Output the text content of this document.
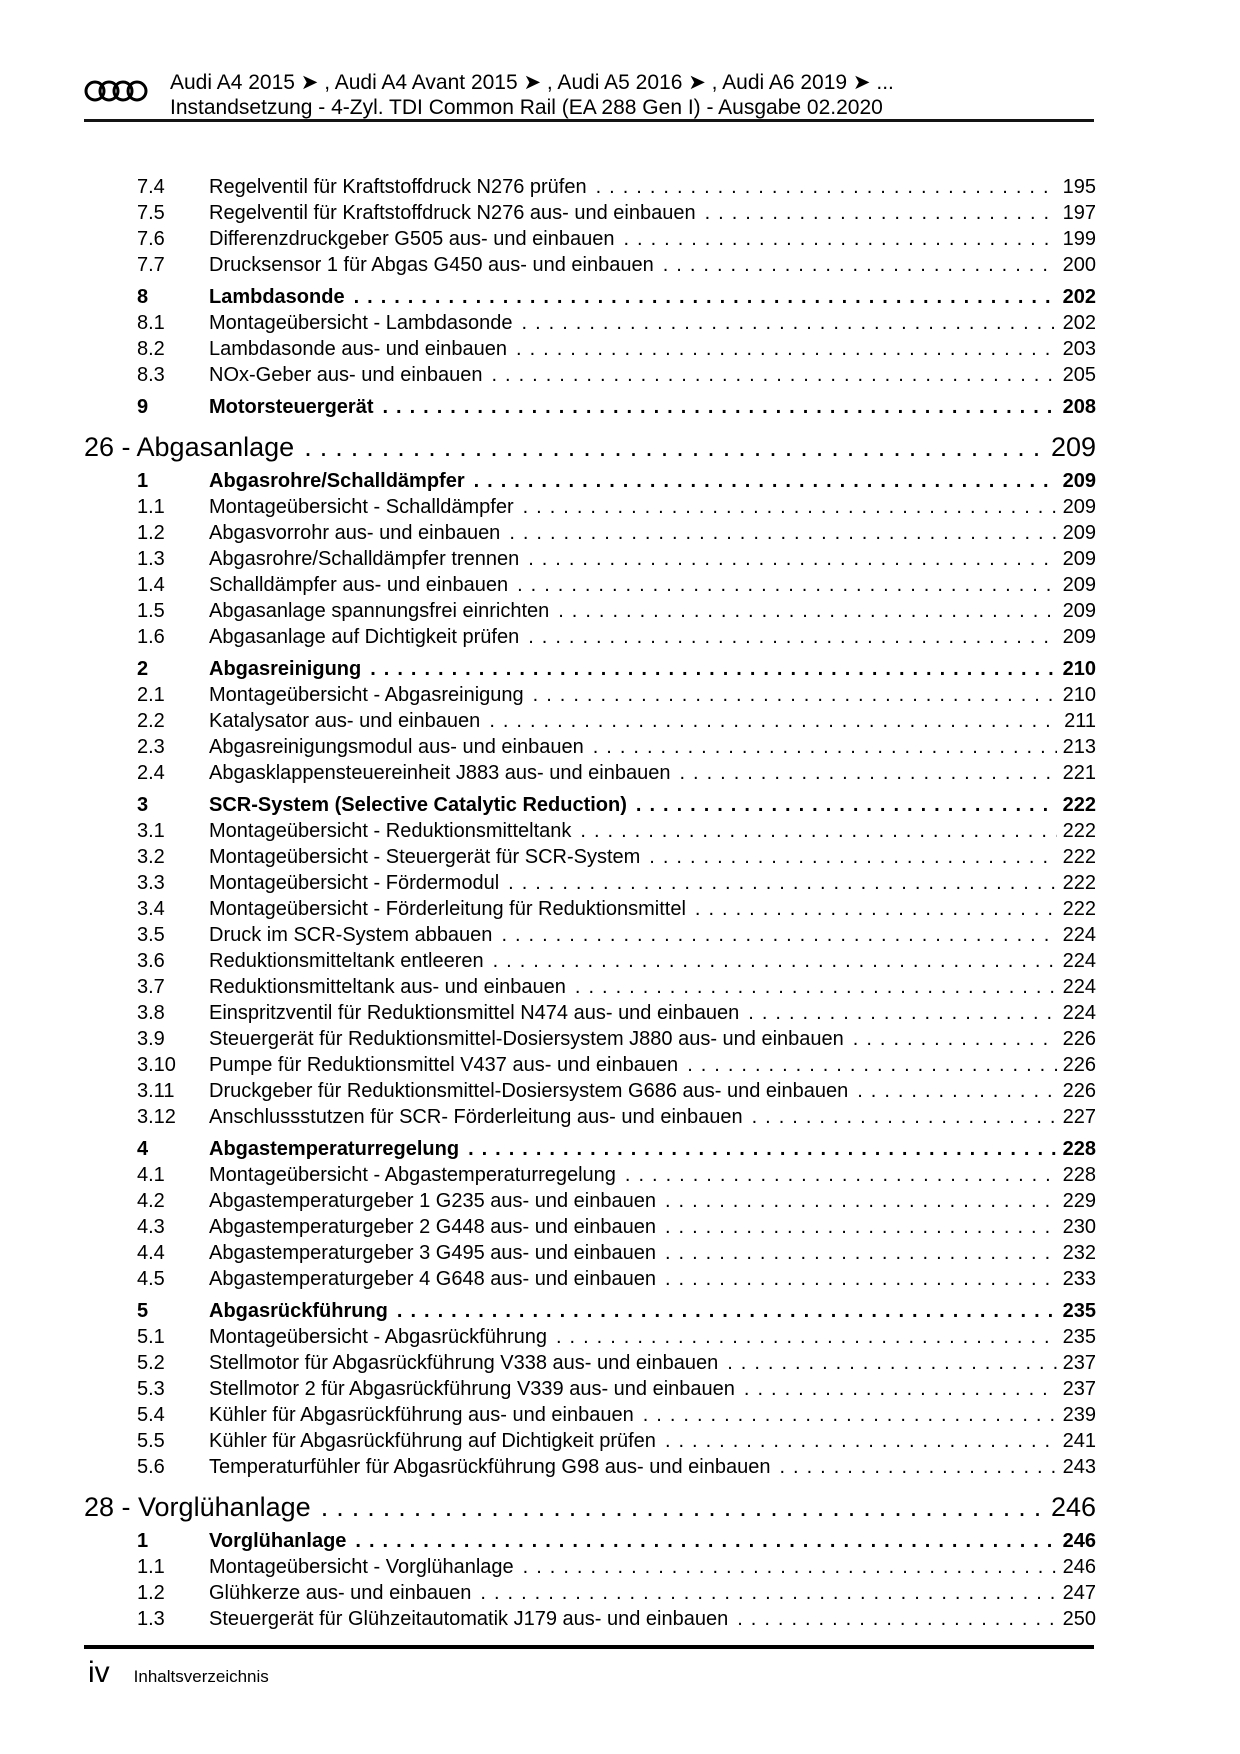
Audi A4 2015 ➤ , Audi A4 Avant 2015 ➤ , Audi A5 2016 ➤ , Audi A6 2019 ➤ ...
Instandsetzung - 4-Zyl. TDI Common Rail (EA 288 Gen I) - Ausgabe 02.2020
7.4	Regelventil für Kraftstoffdruck N276 prüfen .....	195
7.5	Regelventil für Kraftstoffdruck N276 aus- und einbauen .....	197
7.6	Differenzdruckgeber G505 aus- und einbauen .....	199
7.7	Drucksensor 1 für Abgas G450 aus- und einbauen .....	200
8	Lambdasonde .....	202
8.1	Montageübersicht - Lambdasonde .....	202
8.2	Lambdasonde aus- und einbauen .....	203
8.3	NOx-Geber aus- und einbauen .....	205
9	Motorsteuergerät .....	208
26 - Abgasanlage .....	209
1	Abgasrohre/Schalldämpfer .....	209
1.1	Montageübersicht - Schalldämpfer .....	209
1.2	Abgasvorrohr aus- und einbauen .....	209
1.3	Abgasrohre/Schalldämpfer trennen .....	209
1.4	Schalldämpfer aus- und einbauen .....	209
1.5	Abgasanlage spannungsfrei einrichten .....	209
1.6	Abgasanlage auf Dichtigkeit prüfen .....	209
2	Abgasreinigung .....	210
2.1	Montageübersicht - Abgasreinigung .....	210
2.2	Katalysator aus- und einbauen .....	211
2.3	Abgasreinigungsmodul aus- und einbauen .....	213
2.4	Abgasklappensteuereinheit J883 aus- und einbauen .....	221
3	SCR-System (Selective Catalytic Reduction) .....	222
3.1	Montageübersicht - Reduktionsmitteltank .....	222
3.2	Montageübersicht - Steuergerät für SCR-System .....	222
3.3	Montageübersicht - Fördermodul .....	222
3.4	Montageübersicht - Förderleitung für Reduktionsmittel .....	222
3.5	Druck im SCR-System abbauen .....	224
3.6	Reduktionsmitteltank entleeren .....	224
3.7	Reduktionsmitteltank aus- und einbauen .....	224
3.8	Einspritzventil für Reduktionsmittel N474 aus- und einbauen .....	224
3.9	Steuergerät für Reduktionsmittel-Dosiersystem J880 aus- und einbauen .....	226
3.10	Pumpe für Reduktionsmittel V437 aus- und einbauen .....	226
3.11	Druckgeber für Reduktionsmittel-Dosiersystem G686 aus- und einbauen .....	226
3.12	Anschlussstutzen für SCR- Förderleitung aus- und einbauen .....	227
4	Abgastemperaturregelung .....	228
4.1	Montageübersicht - Abgastemperaturregelung .....	228
4.2	Abgastemperaturgeber 1 G235 aus- und einbauen .....	229
4.3	Abgastemperaturgeber 2 G448 aus- und einbauen .....	230
4.4	Abgastemperaturgeber 3 G495 aus- und einbauen .....	232
4.5	Abgastemperaturgeber 4 G648 aus- und einbauen .....	233
5	Abgasrückführung .....	235
5.1	Montageübersicht - Abgasrückführung .....	235
5.2	Stellmotor für Abgasrückführung V338 aus- und einbauen .....	237
5.3	Stellmotor 2 für Abgasrückführung V339 aus- und einbauen .....	237
5.4	Kühler für Abgasrückführung aus- und einbauen .....	239
5.5	Kühler für Abgasrückführung auf Dichtigkeit prüfen .....	241
5.6	Temperaturfühler für Abgasrückführung G98 aus- und einbauen .....	243
28 - Vorglühanlage .....	246
1	Vorglühanlage .....	246
1.1	Montageübersicht - Vorglühanlage .....	246
1.2	Glühkerze aus- und einbauen .....	247
1.3	Steuergerät für Glühzeitautomatik J179 aus- und einbauen .....	250
iv Inhaltsverzeichnis
